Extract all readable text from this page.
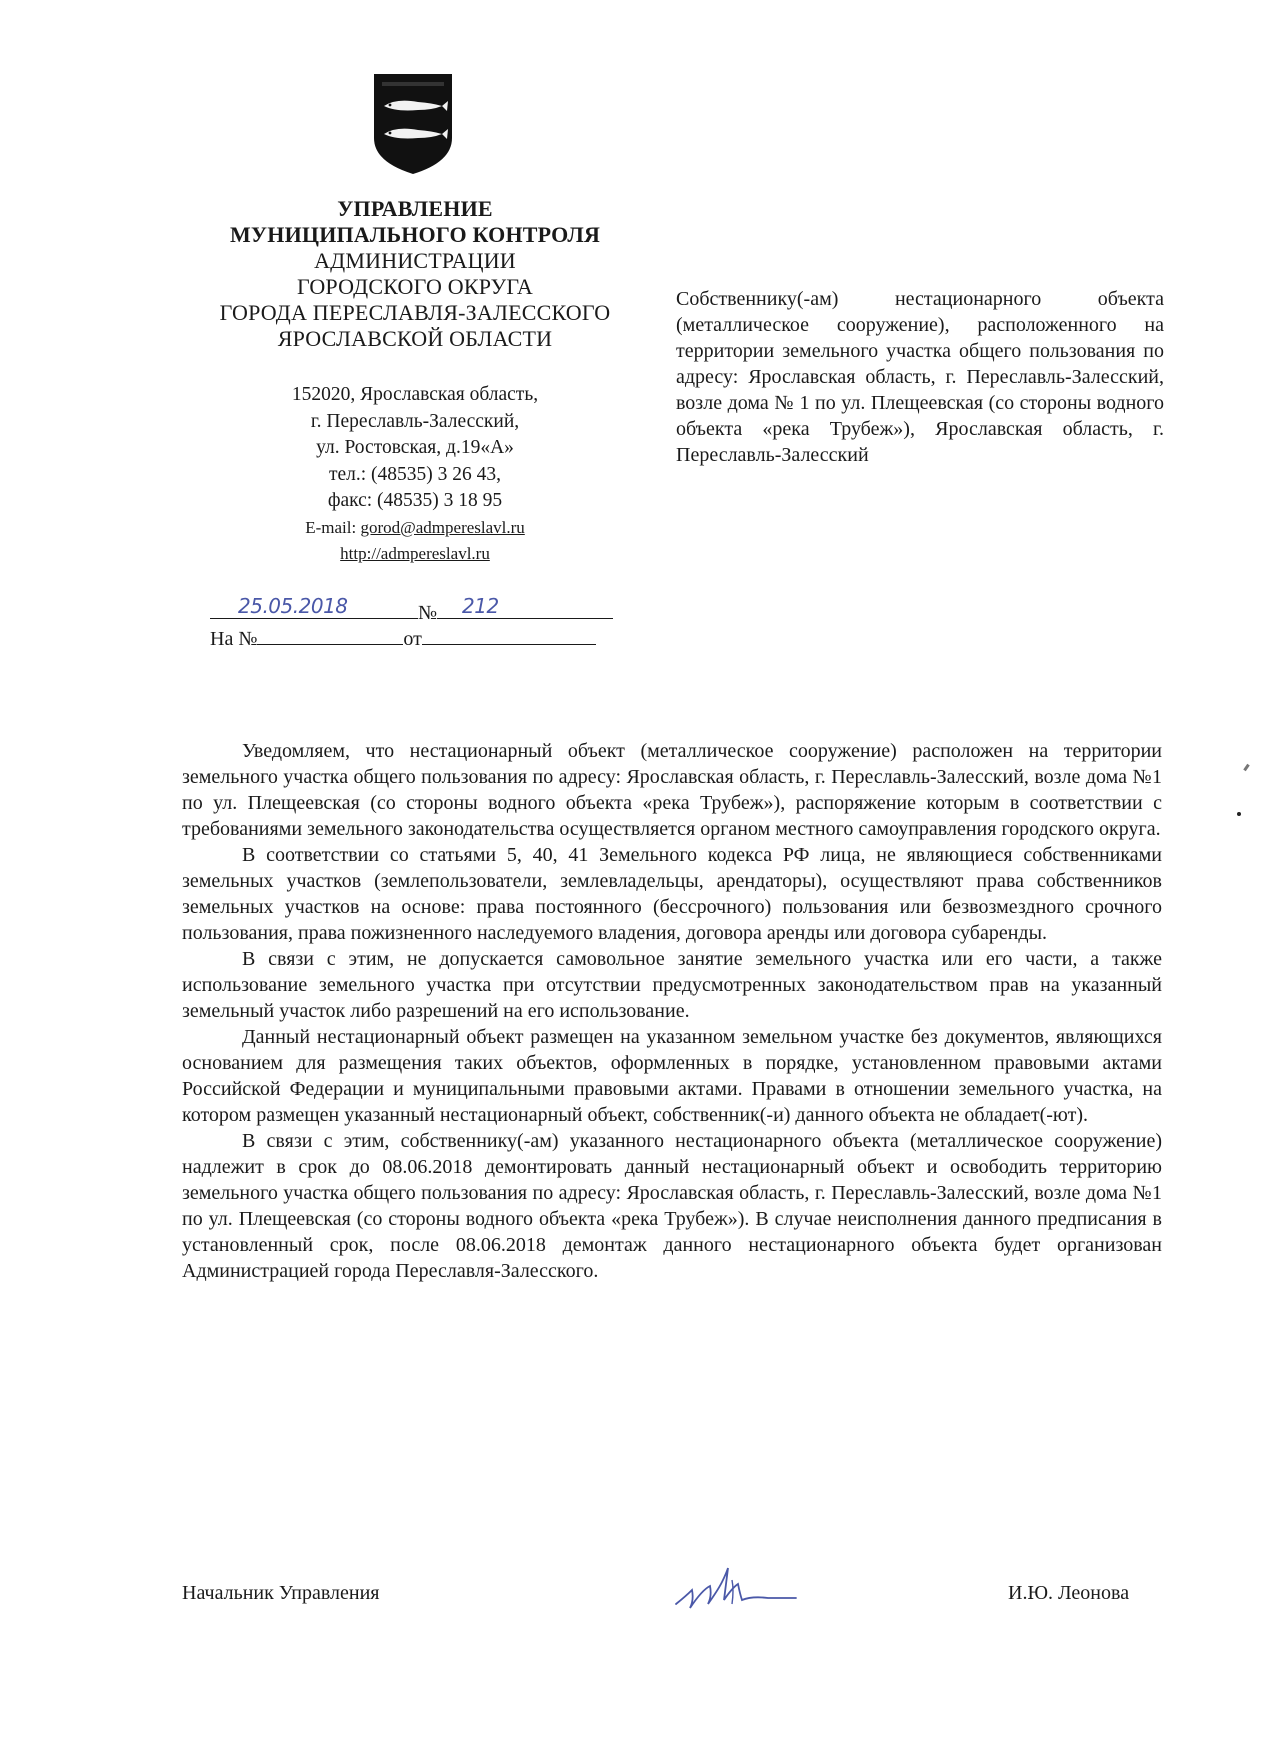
УПРАВЛЕНИЕ
МУНИЦИПАЛЬНОГО КОНТРОЛЯ
АДМИНИСТРАЦИИ
ГОРОДСКОГО ОКРУГА
ГОРОДА ПЕРЕСЛАВЛЯ-ЗАЛЕССКОГО
ЯРОСЛАВСКОЙ ОБЛАСТИ
152020, Ярославская область,
г. Переславль-Залесский,
ул. Ростовская, д.19«А»
тел.: (48535) 3 26 43,
факс: (48535) 3 18 95
E-mail: gorod@admpereslavl.ru
http://admpereslavl.ru
№
25.05.2018	212
На №	от
Собственнику(-ам) нестационарного объекта (металлическое сооружение), расположенного на территории земельного участка общего пользования по адресу: Ярославская область, г. Переславль-Залесский, возле дома № 1 по ул. Плещеевская (со стороны водного объекта «река Трубеж»), Ярославская область, г. Переславль-Залесский

Уведомляем, что нестационарный объект (металлическое сооружение) расположен на территории земельного участка общего пользования по адресу: Ярославская область, г. Переславль-Залесский, возле дома №1 по ул. Плещеевская (со стороны водного объекта «река Трубеж»), распоряжение которым в соответствии с требованиями земельного законодательства осуществляется органом местного самоуправления городского округа.

В соответствии со статьями 5, 40, 41 Земельного кодекса РФ лица, не являющиеся собственниками земельных участков (землепользователи, землевладельцы, арендаторы), осуществляют права собственников земельных участков на основе: права постоянного (бессрочного) пользования или безвозмездного срочного пользования, права пожизненного наследуемого владения, договора аренды или договора субаренды.

В связи с этим, не допускается самовольное занятие земельного участка или его части, а также использование земельного участка при отсутствии предусмотренных законодательством прав на указанный земельный участок либо разрешений на его использование.

Данный нестационарный объект размещен на указанном земельном участке без документов, являющихся основанием для размещения таких объектов, оформленных в порядке, установленном правовыми актами Российской Федерации и муниципальными правовыми актами. Правами в отношении земельного участка, на котором размещен указанный нестационарный объект, собственник(-и) данного объекта не обладает(-ют).

В связи с этим, собственнику(-ам) указанного нестационарного объекта (металлическое сооружение) надлежит в срок до 08.06.2018 демонтировать данный нестационарный объект и освободить территорию земельного участка общего пользования по адресу: Ярославская область, г. Переславль-Залесский, возле дома №1 по ул. Плещеевская (со стороны водного объекта «река Трубеж»). В случае неисполнения данного предписания в установленный срок, после 08.06.2018 демонтаж данного нестационарного объекта будет организован Администрацией города Переславля-Залесского.

Начальник Управления	И.Ю. Леонова
